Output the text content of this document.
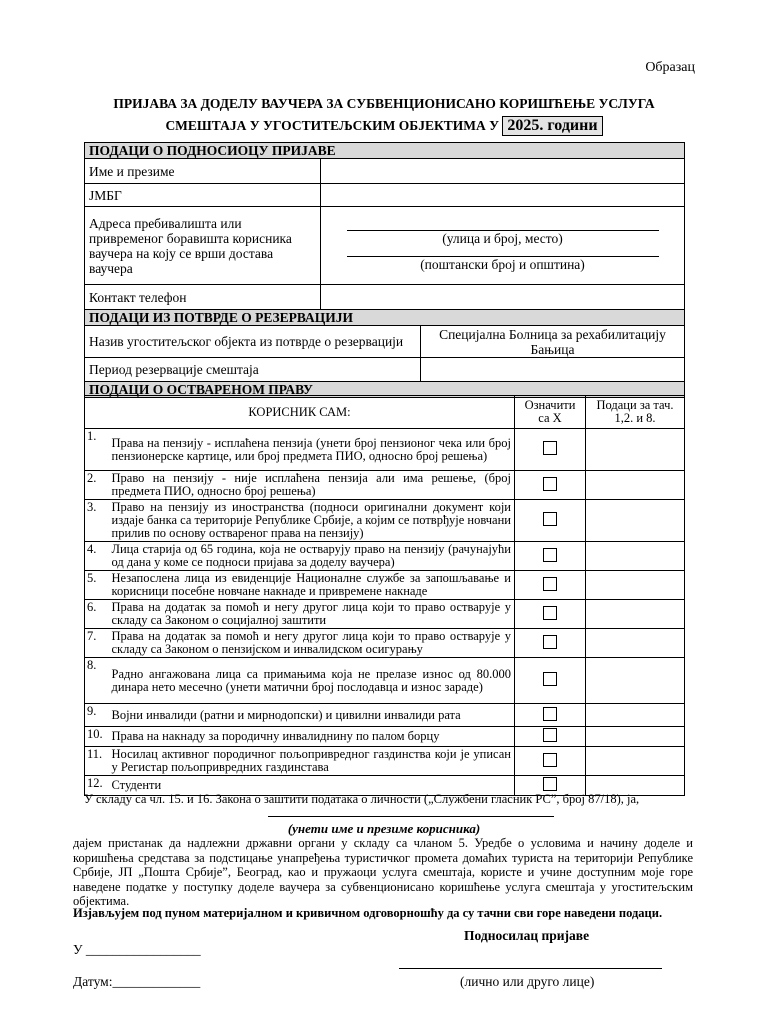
Образац
ПРИЈАВА ЗА ДОДЕЛУ ВАУЧЕРА ЗА СУБВЕНЦИОНИСАНО КОРИШЋЕЊЕ УСЛУГА
СМЕШТАЈА У УГОСТИТЕЉСКИМ ОБЈЕКТИМА У 2025. години
ПОДАЦИ О ПОДНОСИОЦУ ПРИЈАВЕ		
Име и презиме		
ЈМБГ		
Адреса пребивалишта или привременог боравишта корисника ваучера на коју се врши достава ваучера	(улица и број, место)
(поштански број и општина)	

Контакт телефон		
ПОДАЦИ ИЗ ПОТВРДЕ О РЕЗЕРВАЦИЈИ		
Назив угоститељског објекта из потврде о резервацији		Специјална Болница за рехабилитацију Бањица
Период резервације смештаја		
ПОДАЦИ О ОСТВАРЕНОМ ПРАВУ		
КОРИСНИК САМ:		Означити са Х	Подаци за тач. 1,2. и 8.
1.	Права на пензију - исплаћена пензија (унети број пензионог чека или број пензионерске картице, или број предмета ПИО, односно број решења)		
2.	Право на пензију - није исплаћена пензија али има решење, (број предмета ПИО, односно број решења)		
3.	Право на пензију из иностранства (подноси оригинални документ који издаје банка са територије Републике Србије, а којим се потврђује новчани прилив по основу оствареног права на пензију)		
4.	Лица старија од 65 година, која не остварују право на пензију (рачунајући од дана у коме се подноси пријава за доделу ваучера)		
5.	Незапослена лица из евиденције Националне службе за запошљавање и корисници посебне новчане накнаде и привремене накнаде		
6.	Права на додатак за помоћ и негу другог лица који то право остварује у складу са Законом о социјалној заштити		
7.	Права на додатак за помоћ и негу другог лица који то право остварује у складу са Законом о пензијском и инвалидском осигурању		
8.	Радно ангажована лица са примањима која не прелазе износ од 80.000 динара нето месечно (унети матични број послодавца и износ зараде)		
9.	Војни инвалиди (ратни и мирнодопски) и цивилни инвалиди рата		
10.	Права на накнаду за породичну инвалиднину по палом борцу		
11.	Носилац активног породичног пољопривредног газдинства који је уписан у Регистар пољопривредних газдинстава		
12.	Студенти		
У складу са чл. 15. и 16. Закона о заштити података о личности („Службени гласник РС”, број 87/18), ја,
(унети име и презиме корисника)
дајем пристанак да надлежни државни органи у складу са чланом 5. Уредбе о условима и начину доделе и коришћења средстава за подстицање унапређења туристичког промета домаћих туриста на територији Републике Србије, ЈП „Пошта Србије”, Београд, као и пружаоци услуга смештаја, користе и учине доступним моје горе наведене податке у поступку доделе ваучера за субвенционисано коришћење услуга смештаја у угоститељским објектима.
Изјављујем под пуном материјалном и кривичном одговорношћу да су тачни сви горе наведени подаци.
Подносилац пријаве
У _________________
Датум:_____________	(лично или друго лице)
